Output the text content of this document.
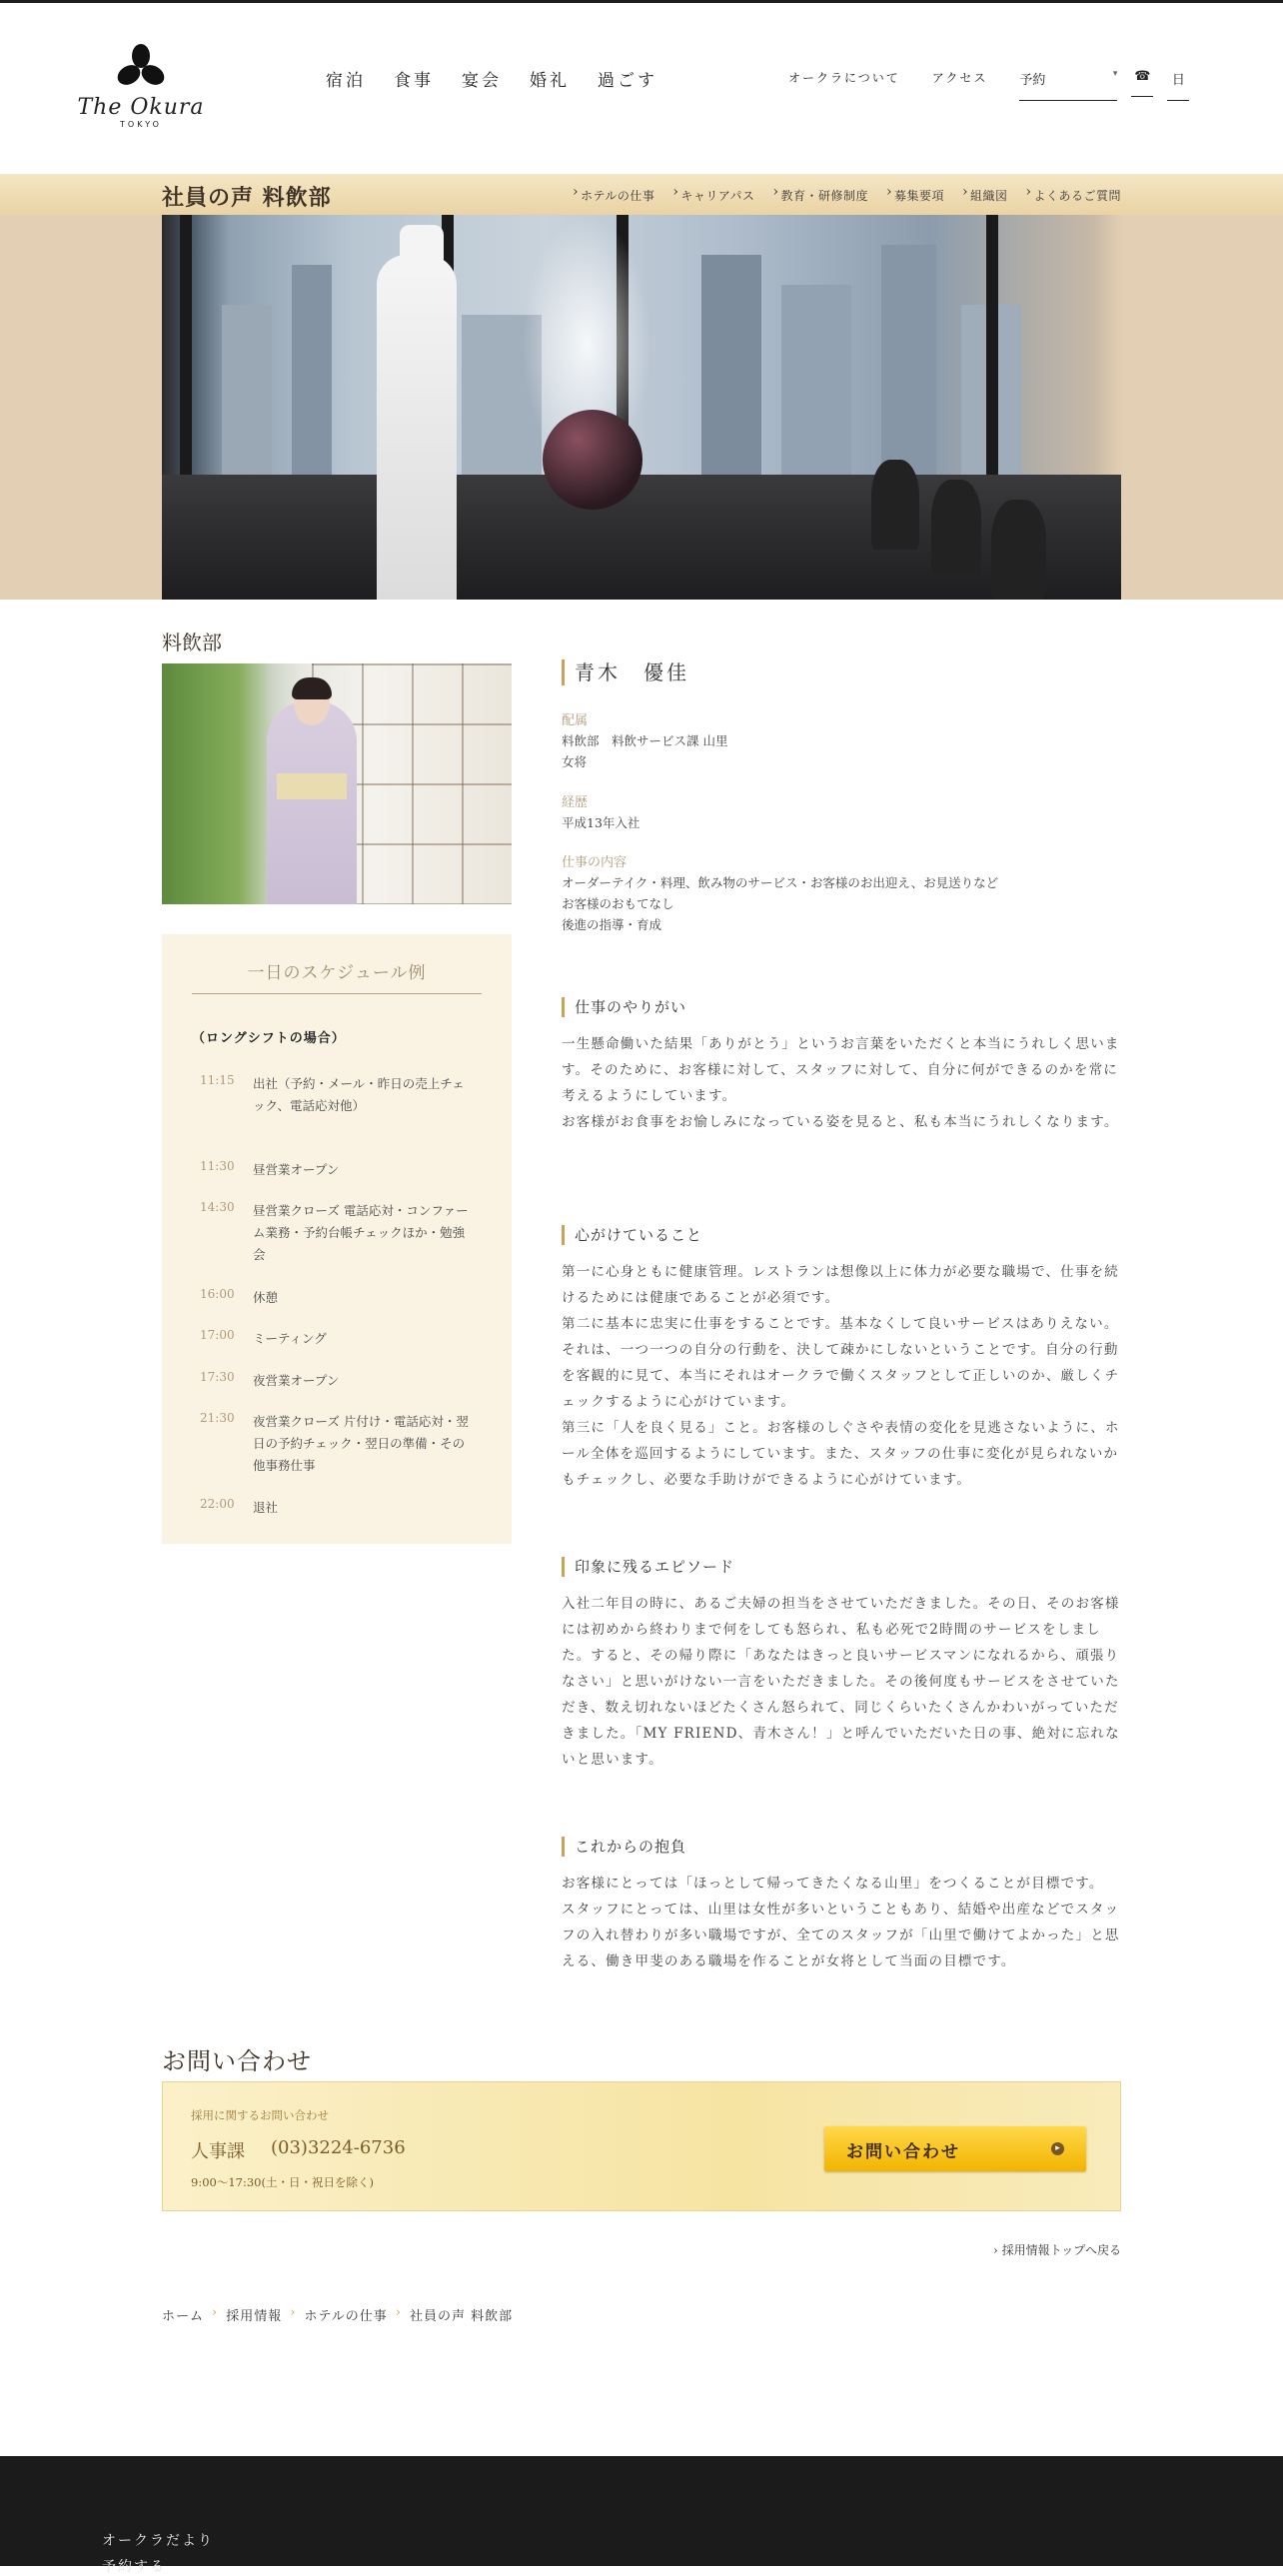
The Okura
TOKYO
宿泊 食事 宴会 婚礼 過ごす	オークラについて	アクセス 予約 ▾	☎	日
社員の声 料飲部	› ホテルの仕事	› キャリアパス	› 教育・研修制度	› 募集要項	› 組織図	› よくあるご質問
料飲部
一日のスケジュール例
（ロングシフトの場合）
11:15	出社（予約・メール・昨日の売上チェック、電話応対他）
11:30	昼営業オープン
14:30	昼営業クローズ 電話応対・コンファーム業務・予約台帳チェックほか・勉強会
16:00	休憩
17:00	ミーティング
17:30	夜営業オープン
21:30	夜営業クローズ 片付け・電話応対・翌日の予約チェック・翌日の準備・その他事務仕事
22:00	退社
青木　優佳
配属
料飲部　料飲サービス課 山里
女将
経歴
平成13年入社
仕事の内容
オーダーテイク・料理、飲み物のサービス・お客様のお出迎え、お見送りなど
お客様のおもてなし
後進の指導・育成
仕事のやりがい
一生懸命働いた結果「ありがとう」というお言葉をいただくと本当にうれしく思います。そのために、お客様に対して、スタッフに対して、自分に何ができるのかを常に考えるようにしています。
お客様がお食事をお愉しみになっている姿を見ると、私も本当にうれしくなります。
心がけていること
第一に心身ともに健康管理。レストランは想像以上に体力が必要な職場で、仕事を続けるためには健康であることが必須です。
第二に基本に忠実に仕事をすることです。基本なくして良いサービスはありえない。それは、一つ一つの自分の行動を、決して疎かにしないということです。自分の行動を客観的に見て、本当にそれはオークラで働くスタッフとして正しいのか、厳しくチェックするように心がけています。
第三に「人を良く見る」こと。お客様のしぐさや表情の変化を見逃さないように、ホール全体を巡回するようにしています。また、スタッフの仕事に変化が見られないかもチェックし、必要な手助けができるように心がけています。
印象に残るエピソード
入社二年目の時に、あるご夫婦の担当をさせていただきました。その日、そのお客様には初めから終わりまで何をしても怒られ、私も必死で2時間のサービスをしました。すると、その帰り際に「あなたはきっと良いサービスマンになれるから、頑張りなさい」と思いがけない一言をいただきました。その後何度もサービスをさせていただき、数え切れないほどたくさん怒られて、同じくらいたくさんかわいがっていただきました。「MY FRIEND、青木さん！」と呼んでいただいた日の事、絶対に忘れないと思います。
これからの抱負
お客様にとっては「ほっとして帰ってきたくなる山里」をつくることが目標です。
スタッフにとっては、山里は女性が多いということもあり、結婚や出産などでスタッフの入れ替わりが多い職場ですが、全てのスタッフが「山里で働けてよかった」と思える、働き甲斐のある職場を作ることが女将として当面の目標です。
お問い合わせ
採用に関するお問い合わせ
人事課 (03)3224-6736
9:00〜17:30(土・日・祝日を除く)
お問い合わせ	▸
› 採用情報トップへ戻る
ホーム › 採用情報 › ホテルの仕事 › 社員の声 料飲部
オークラだより
予約する
